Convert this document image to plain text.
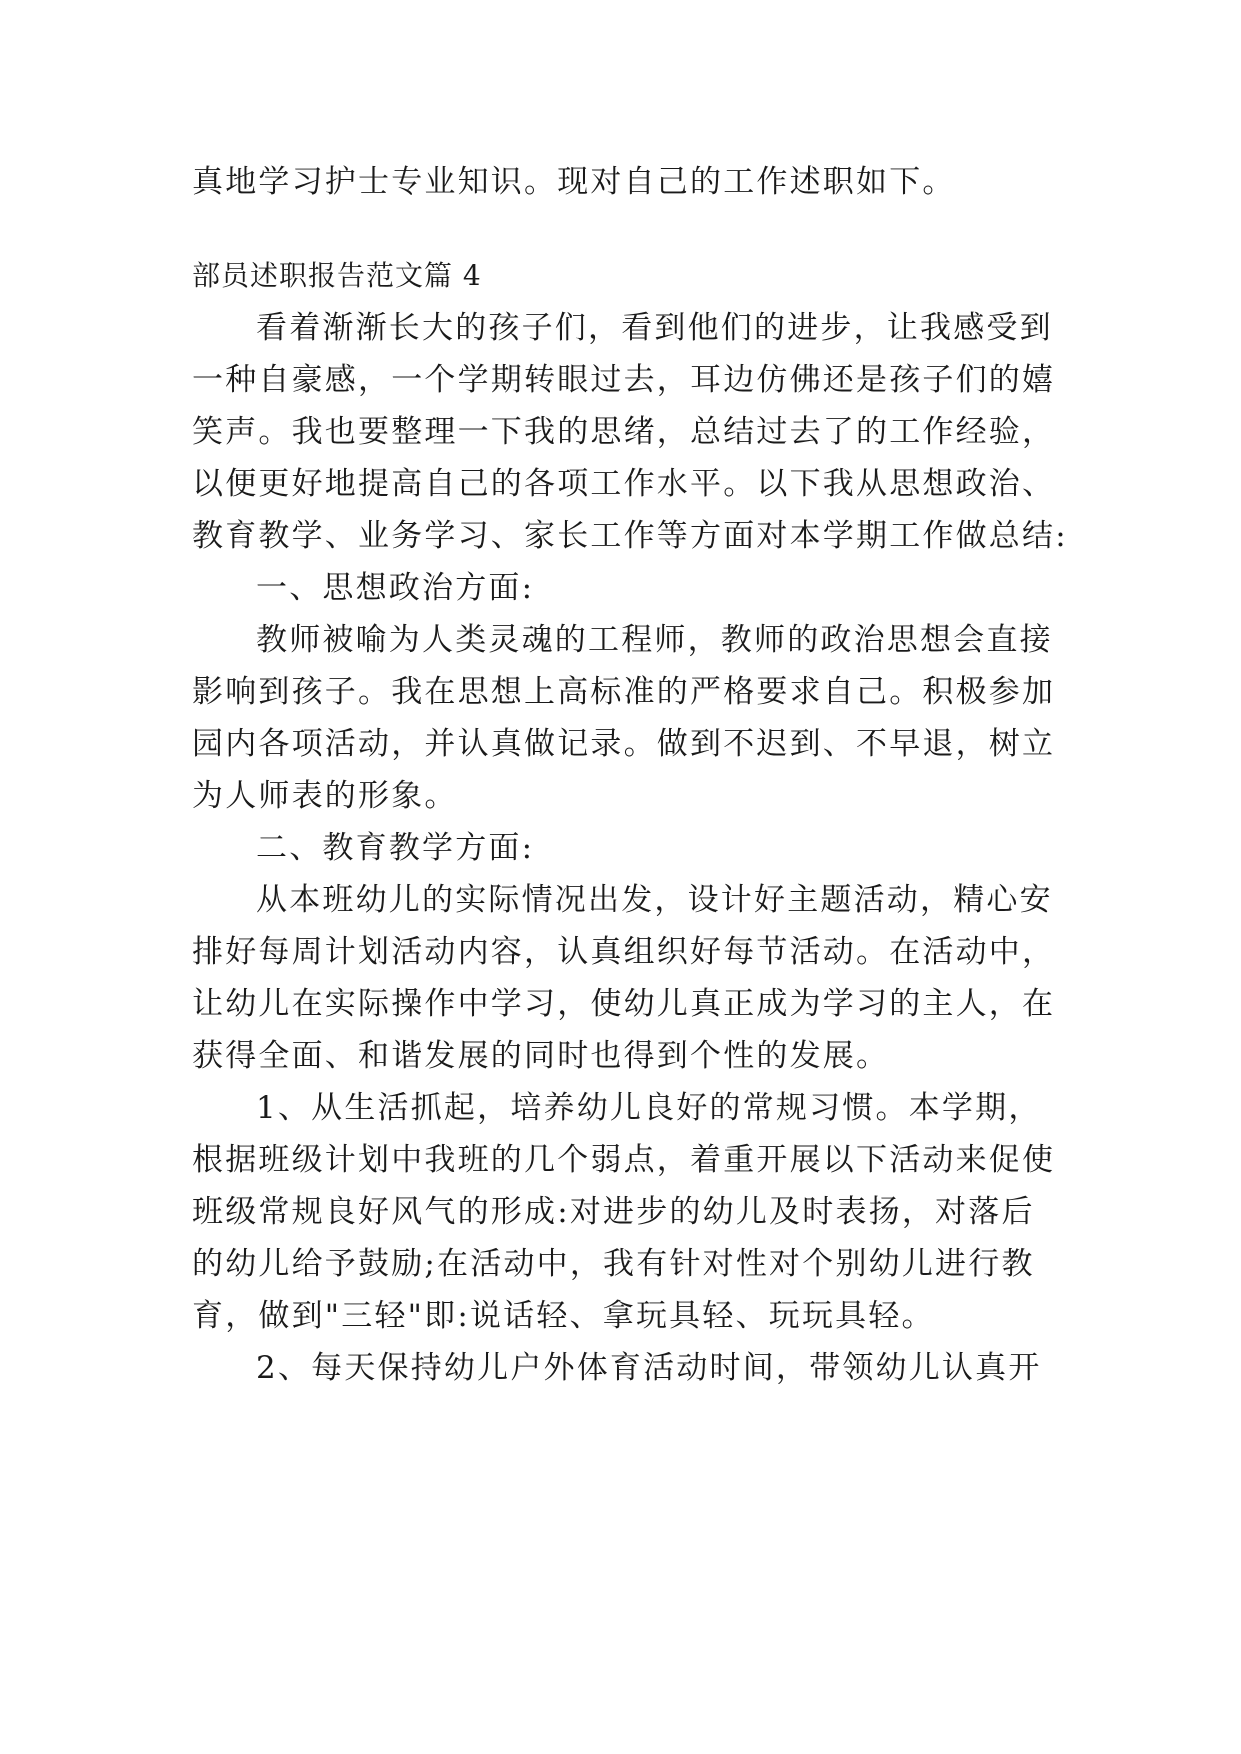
真地学习护士专业知识。现对自己的工作述职如下。
部员述职报告范文篇 4
看着渐渐长大的孩子们，看到他们的进步，让我感受到
一种自豪感，一个学期转眼过去，耳边仿佛还是孩子们的嬉
笑声。我也要整理一下我的思绪，总结过去了的工作经验，
以便更好地提高自己的各项工作水平。以下我从思想政治、
教育教学、业务学习、家长工作等方面对本学期工作做总结:
一、思想政治方面:
教师被喻为人类灵魂的工程师，教师的政治思想会直接
影响到孩子。我在思想上高标准的严格要求自己。积极参加
园内各项活动，并认真做记录。做到不迟到、不早退，树立
为人师表的形象。
二、教育教学方面:
从本班幼儿的实际情况出发，设计好主题活动，精心安
排好每周计划活动内容，认真组织好每节活动。在活动中，
让幼儿在实际操作中学习，使幼儿真正成为学习的主人，在
获得全面、和谐发展的同时也得到个性的发展。
1、从生活抓起，培养幼儿良好的常规习惯。本学期，
根据班级计划中我班的几个弱点，着重开展以下活动来促使
班级常规良好风气的形成:对进步的幼儿及时表扬，对落后
的幼儿给予鼓励;在活动中，我有针对性对个别幼儿进行教
育，做到"三轻"即:说话轻、拿玩具轻、玩玩具轻。
2、每天保持幼儿户外体育活动时间，带领幼儿认真开
